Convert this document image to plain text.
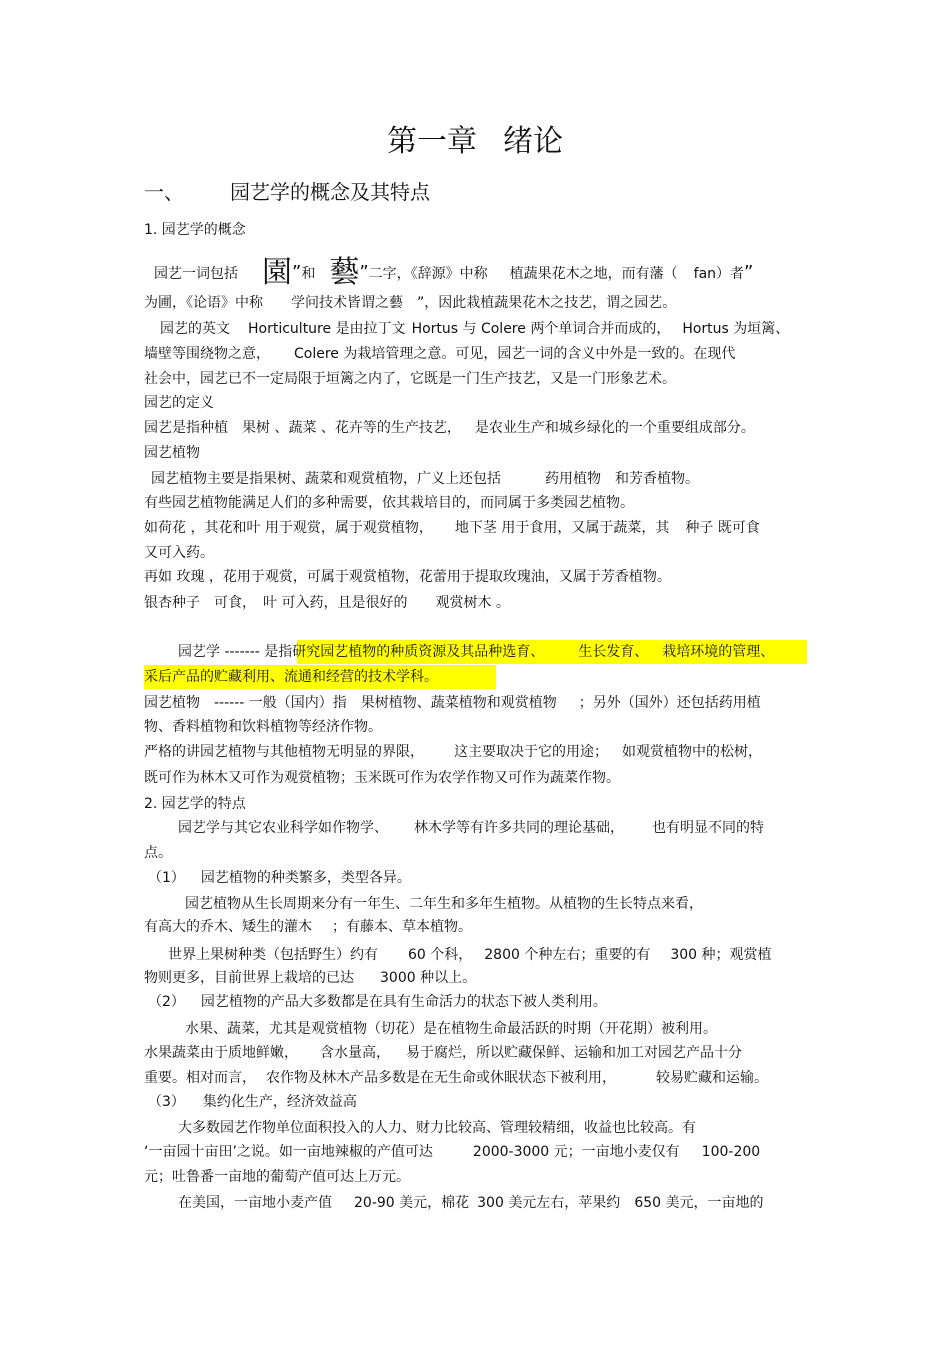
第一章 绪论
一、 园艺学的概念及其特点
1. 园艺学的概念
园艺一词包括 園”和 藝”二字，《辞源》中称 植蔬果花木之地，而有藩（ fan）者”
为圃，《论语》中称　　学问技术皆谓之藝　”，因此栽植蔬果花木之技艺，谓之园艺。
园艺的英文 Horticulture 是由拉丁文 Hortus 与 Colere 两个单词合并而成的， Hortus 为垣篱、
墙壁等围绕物之意， Colere 为栽培管理之意。可见，园艺一词的含义中外是一致的。在现代
社会中，园艺已不一定局限于垣篱之内了，它既是一门生产技艺，又是一门形象艺术。
园艺的定义
园艺是指种植　果树 、蔬菜 、花卉等的生产技艺， 是农业生产和城乡绿化的一个重要组成部分。
园艺植物
园艺植物主要是指果树、蔬菜和观赏植物，广义上还包括	药用植物　和芳香植物。
有些园艺植物能满足人们的多种需要，依其栽培目的，而同属于多类园艺植物。
如荷花 ，其花和叶 用于观赏，属于观赏植物， 地下茎 用于食用，又属于蔬菜，其 种子 既可食
又可入药。
再如 玫瑰 ，花用于观赏，可属于观赏植物，花蕾用于提取玫瑰油，又属于芳香植物。
银杏种子　可食，　叶 可入药，且是很好的　　观赏树木 。
园艺学 ------- 是指研究园艺植物的种质资源及其品种选育、 生长发育、 栽培环境的管理、
采后产品的贮藏利用、流通和经营的技术学科。
园艺植物　------ 一般（国内）指　果树植物、蔬菜植物和观赏植物 ；另外（国外）还包括药用植
物、香料植物和饮料植物等经济作物。
严格的讲园艺植物与其他植物无明显的界限， 这主要取决于它的用途； 如观赏植物中的松树，
既可作为林木又可作为观赏植物；玉米既可作为农学作物又可作为蔬菜作物。
2. 园艺学的特点
园艺学与其它农业科学如作物学、 林木学等有许多共同的理论基础， 也有明显不同的特
点。
（1） 园艺植物的种类繁多，类型各异。
园艺植物从生长周期来分有一年生、二年生和多年生植物。从植物的生长特点来看，
有高大的乔木、矮生的灌木 ；有藤本、草本植物。
世界上果树种类（包括野生）约有 60 个科， 2800 个种左右；重要的有 300 种；观赏植
物则更多，目前世界上栽培的已达 3000 种以上。
（2） 园艺植物的产品大多数都是在具有生命活力的状态下被人类利用。
水果、蔬菜，尤其是观赏植物（切花）是在植物生命最活跃的时期（开花期）被利用。
水果蔬菜由于质地鲜嫩， 含水量高， 易于腐烂，所以贮藏保鲜、运输和加工对园艺产品十分
重要。相对而言， 农作物及林木产品多数是在无生命或休眠状态下被利用，	较易贮藏和运输。
（3） 集约化生产，经济效益高
大多数园艺作物单位面积投入的人力、财力比较高、管理较精细，收益也比较高。有
‘一亩园十亩田’之说。如一亩地辣椒的产值可达	2000-3000 元；一亩地小麦仅有 100-200
元；吐鲁番一亩地的葡萄产值可达上万元。
在美国，一亩地小麦产值 20-90 美元，棉花 300 美元左右，苹果约 650 美元，一亩地的
